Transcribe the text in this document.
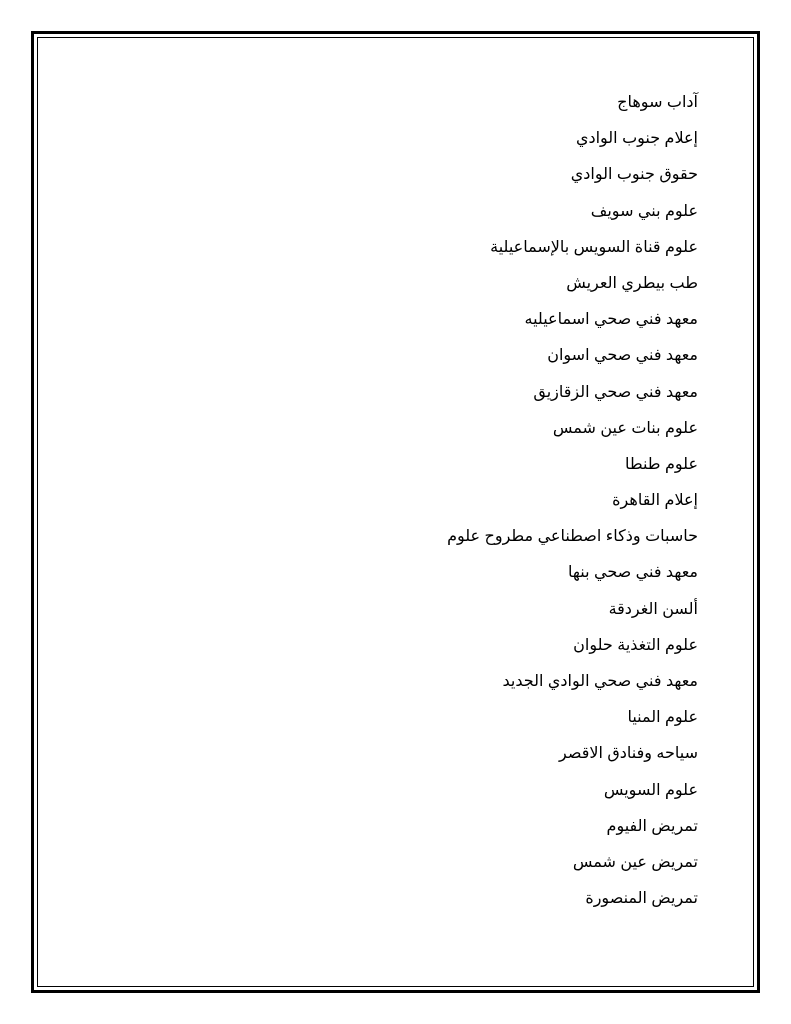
آداب سوهاج
إعلام جنوب الوادي
حقوق جنوب الوادي
علوم بني سويف
علوم قناة السويس بالإسماعيلية
طب بيطري العريش
معهد فني صحي اسماعيليه
معهد فني صحي اسوان
معهد فني صحي الزقازيق
علوم بنات عين شمس
علوم طنطا
إعلام القاهرة
حاسبات وذكاء اصطناعي مطروح علوم
معهد فني صحي بنها
ألسن الغردقة
علوم التغذية حلوان
معهد فني صحي الوادي الجديد
علوم المنيا
سياحه وفنادق الاقصر
علوم السويس
تمريض الفيوم
تمريض عين شمس
تمريض المنصورة
